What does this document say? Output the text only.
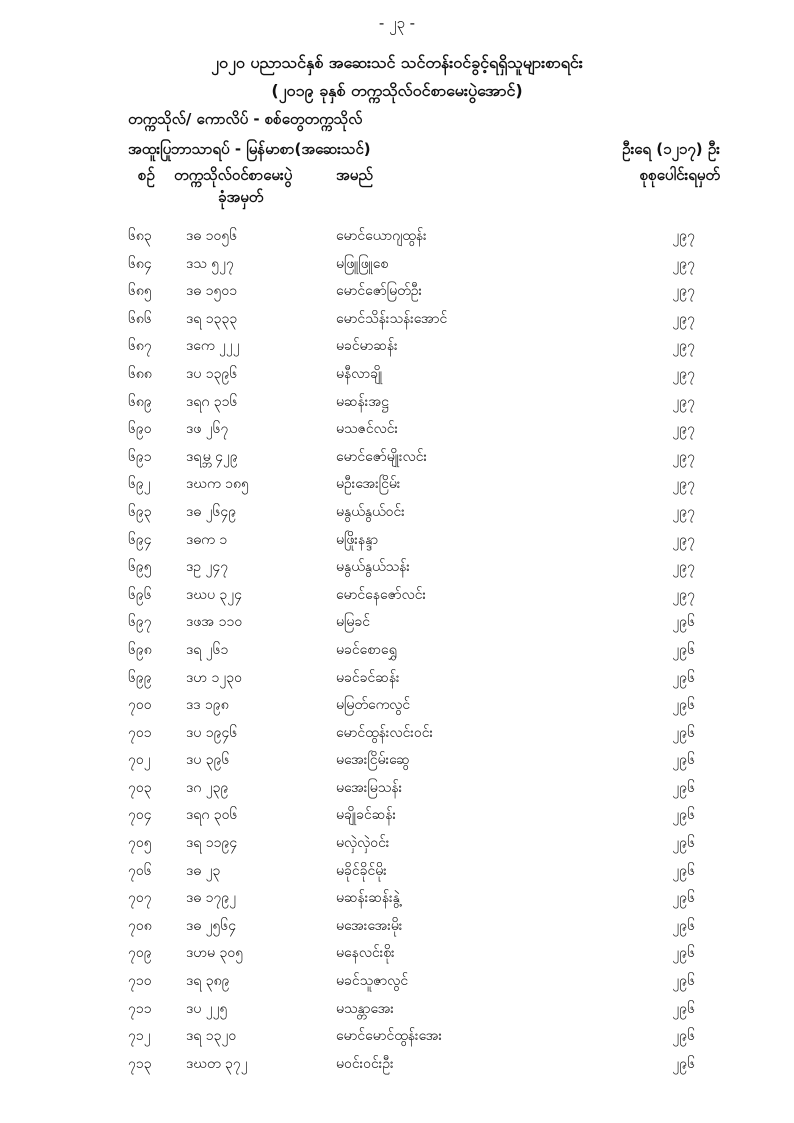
- ၂၃ -
၂၀၂၀ ပညာသင်နှစ် အဆေးသင် သင်တန်းဝင်ခွင့်ရရှိသူများစာရင်း
(၂၀၁၉ ခုနှစ် တက္ကသိုလ်ဝင်စာမေးပွဲအောင်)
တက္ကသိုလ်/ ကောလိပ် - စစ်တွေတက္ကသိုလ်
အထူးပြုဘာသာရပ် - မြန်မာစာ(အဆေးသင်)	ဦးရေ (၁၂၁၇) ဦး
စဉ် တက္ကသိုလ်ဝင်စာမေးပွဲ
ခုံအမှတ်
အမည်	စုစုပေါင်းရမှတ်
၆၈၃ ဒဓ ၁၀၅၆	မောင်ယောဂျထွန်း	၂၉၇
၆၈၄ ဒသ ၅၂၇	မဖြူဖြူစေ	၂၉၇
၆၈၅ ဒဓ ၁၅၀၁	မောင်ဇော်မြတ်ဦး	၂၉၇
၆၈၆ ဒရ ၁၃၃၃	မောင်သိန်းသန်းအောင်	၂၉၇
၆၈၇ ဒကေ ၂၂၂	မခင်မာဆန်း	၂၉၇
၆၈၈ ဒပ ၁၃၉၆	မနီလာချို	၂၉၇
၆၈၉ ဒရဂ ၃၁၆	မဆန်းအဋ္ဌ	၂၉၇
၆၉၀ ဒဖ ၂၆၇	မသဇင်လင်း	၂၉၇
၆၉၁ ဒရမ္ဘ ၄၂၉	မောင်ဇော်မျိုးလင်း	၂၉၇
၆၉၂	ဒဃက ၁၈၅	မဦးအေးငြိမ်း	၂၉၇
၆၉၃ ဒဓ ၂၆၄၉	မနွယ်နွယ်ဝင်း	၂၉၇
၆၉၄ ဒဓက ၁	မဖြိုးနန္ဒာ	၂၉၇
၆၉၅ ဒဥ ၂၄၇	မနွယ်နွယ်သန်း	၂၉၇
၆၉၆ ဒဃပ ၃၂၄	မောင်နေဇော်လင်း	၂၉၇
၆၉၇ ဒဖအ ၁၁၀	မမြခင်	၂၉၆
၆၉၈ ဒရ ၂၆၁	မခင်စောရွှေ	၂၉၆
၆၉၉ ဒဟ ၁၂၃၀	မခင်ခင်ဆန်း	၂၉၆
၇၀၀ ဒဒ ၁၉၈	မမြတ်ကေလွင်	၂၉၆
၇၀၁ ဒပ ၁၉၄၆	မောင်ထွန်းလင်းဝင်း	၂၉၆
၇၀၂	ဒပ ၃၉၆	မအေးငြိမ်းဆွေ	၂၉၆
၇၀၃ ဒဂ ၂၃၉	မအေးမြသန်း	၂၉၆
၇၀၄ ဒရဂ ၃၀၆	မချိုခင်ဆန်း	၂၉၆
၇၀၅ ဒရ ၁၁၉၄	မလှဲလှဲဝင်း	၂၉၆
၇၀၆ ဒဓ ၂၃	မခိုင်ခိုင်မိုး	၂၉၆
၇၀၇ ဒဓ ၁၇၉၂	မဆန်းဆန်းနွဲ့	၂၉၆
၇၀၈ ဒဓ ၂၅၆၄	မအေးအေးမိုး	၂၉၆
၇၀၉ ဒဟမ ၃၀၅	မနေလင်းစိုး	၂၉၆
၇၁၀ ဒရ ၃၈၉	မခင်သူဇာလွင်	၂၉၆
၇၁၁ ဒပ ၂၂၅	မသန္တာအေး	၂၉၆
၇၁၂	ဒရ ၁၃၂၀	မောင်မောင်ထွန်းအေး	၂၉၆
၇၁၃ ဒဃတ ၃၇၂	မဝင်းဝင်းဦး	၂၉၆
